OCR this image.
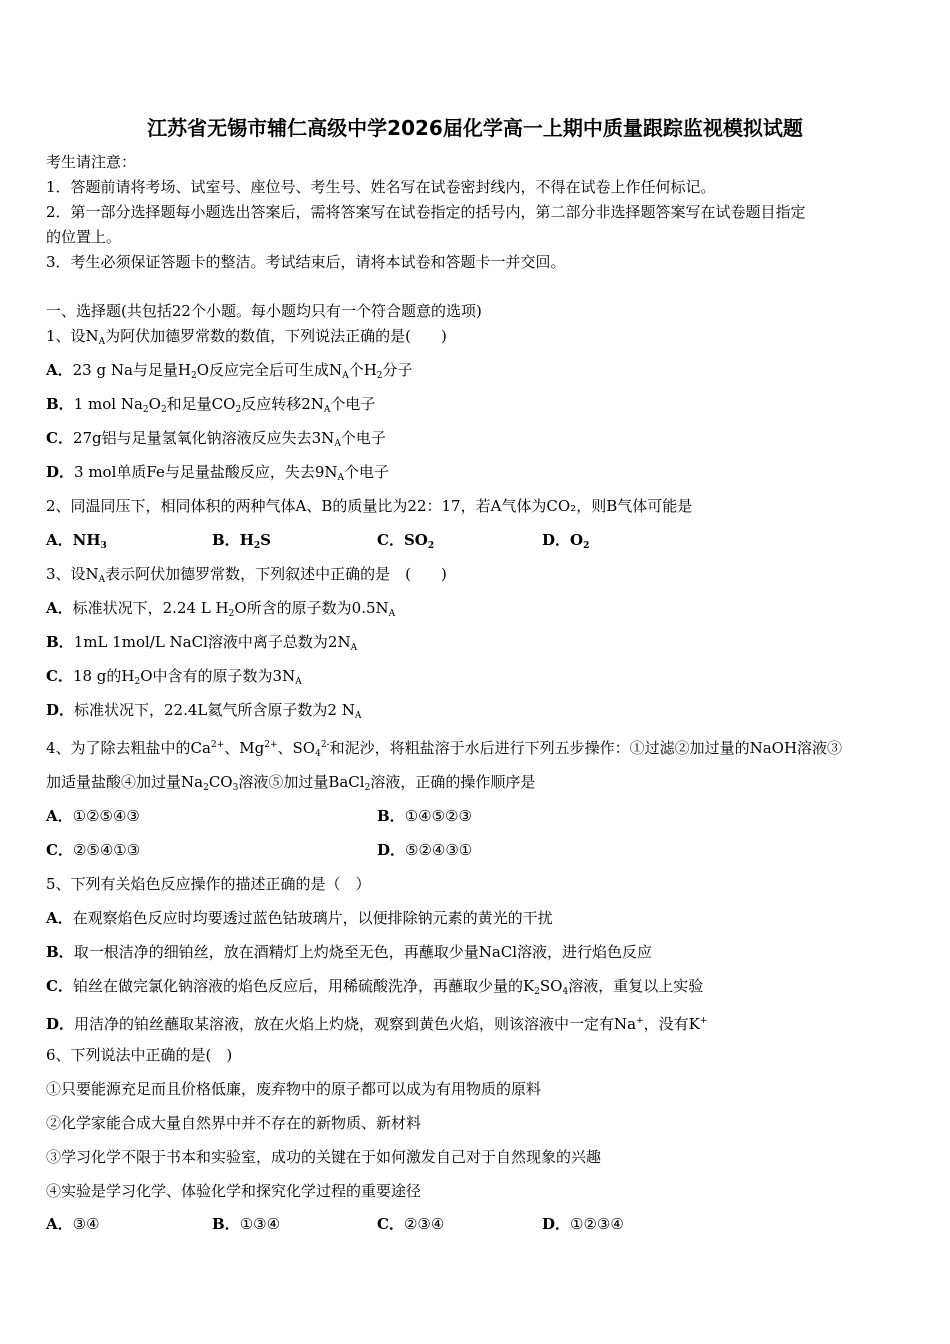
江苏省无锡市辅仁高级中学2026届化学高一上期中质量跟踪监视模拟试题
考生请注意：
1．答题前请将考场、试室号、座位号、考生号、姓名写在试卷密封线内，不得在试卷上作任何标记。
2．第一部分选择题每小题选出答案后，需将答案写在试卷指定的括号内，第二部分非选择题答案写在试卷题目指定
的位置上。
3．考生必须保证答题卡的整洁。考试结束后，请将本试卷和答题卡一并交回。
一、选择题(共包括22个小题。每小题均只有一个符合题意的选项)
1、设$N_A$为阿伏加德罗常数的数值，下列说法正确的是(　　)
A．23 g Na与足量$H_2O$反应完全后可生成$N_A$个$H_2$分子
B．1 mol $Na_2O_2$和足量$CO_2$反应转移$2N_A$个电子
C．27g铝与足量氢氧化钠溶液反应失去$3N_A$个电子
D．3 mol单质Fe与足量盐酸反应，失去$9N_A$个电子
2、同温同压下，相同体积的两种气体A、B的质量比为22：17，若A气体为CO₂，则B气体可能是
A．$NH_3$	B．$H_2S$	C．$SO_2$	D．$O_2$
3、设$N_A$表示阿伏加德罗常数，下列叙述中正确的是　(　　)
A．标准状况下，2.24 L $H_2O$所含的原子数为$0.5N_A$
B．1mL 1mol/L NaCl溶液中离子总数为$2N_A$
C．18 g的$H_2O$中含有的原子数为$3N_A$
D．标准状况下，22.4L氦气所含原子数为2 $N_A$
4、为了除去粗盐中的$Ca^{2+}$、$Mg^{2+}$、$SO_4^{2-}$和泥沙，将粗盐溶于水后进行下列五步操作：①过滤②加过量的NaOH溶液③
加适量盐酸④加过量$Na_2CO_3$溶液⑤加过量BaCl$_2$溶液，正确的操作顺序是
A．①②⑤④③	B．①④⑤②③
C．②⑤④①③	D．⑤②④③①
5、下列有关焰色反应操作的描述正确的是（　）
A．在观察焰色反应时均要透过蓝色钴玻璃片，以便排除钠元素的黄光的干扰
B．取一根洁净的细铂丝，放在酒精灯上灼烧至无色，再蘸取少量NaCl溶液，进行焰色反应
C．铂丝在做完氯化钠溶液的焰色反应后，用稀硫酸洗净，再蘸取少量的$K_2SO_4$溶液，重复以上实验
D．用洁净的铂丝蘸取某溶液，放在火焰上灼烧，观察到黄色火焰，则该溶液中一定有Na+，没有K+
6、下列说法中正确的是(　)
①只要能源充足而且价格低廉，废弃物中的原子都可以成为有用物质的原料
②化学家能合成大量自然界中并不存在的新物质、新材料
③学习化学不限于书本和实验室，成功的关键在于如何激发自己对于自然现象的兴趣
④实验是学习化学、体验化学和探究化学过程的重要途径
A．③④	B．①③④	C．②③④	D．①②③④
